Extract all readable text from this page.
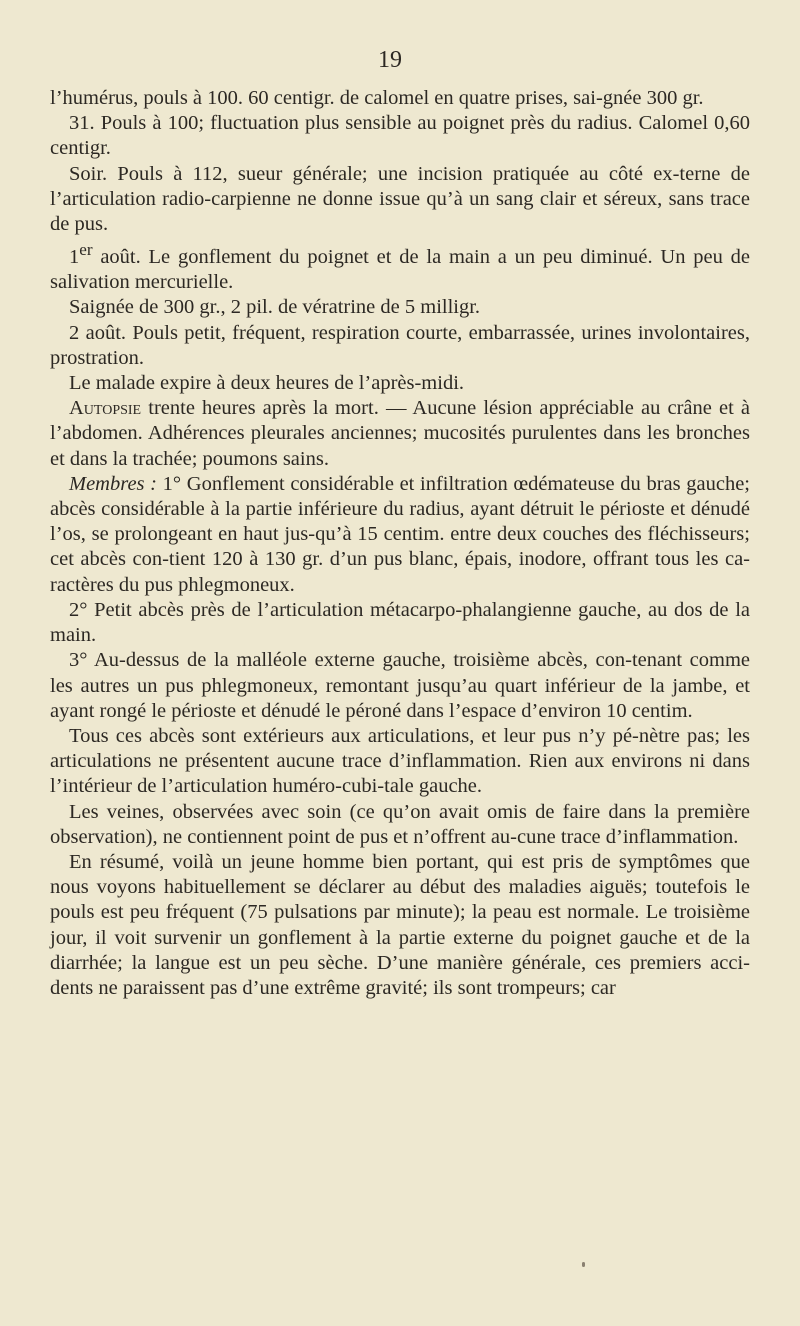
19

l’humérus, pouls à 100. 60 centigr. de calomel en quatre prises, sai-gnée 300 gr.

31. Pouls à 100; fluctuation plus sensible au poignet près du radius. Calomel 0,60 centigr.

Soir. Pouls à 112, sueur générale; une incision pratiquée au côté ex-terne de l’articulation radio-carpienne ne donne issue qu’à un sang clair et séreux, sans trace de pus.

1er août. Le gonflement du poignet et de la main a un peu diminué. Un peu de salivation mercurielle.

Saignée de 300 gr., 2 pil. de vératrine de 5 milligr.

2 août. Pouls petit, fréquent, respiration courte, embarrassée, urines involontaires, prostration.

Le malade expire à deux heures de l’après-midi.

Autopsie trente heures après la mort. — Aucune lésion appréciable au crâne et à l’abdomen. Adhérences pleurales anciennes; mucosités purulentes dans les bronches et dans la trachée; poumons sains.

Membres : 1° Gonflement considérable et infiltration œdémateuse du bras gauche; abcès considérable à la partie inférieure du radius, ayant détruit le périoste et dénudé l’os, se prolongeant en haut jus-qu’à 15 centim. entre deux couches des fléchisseurs; cet abcès con-tient 120 à 130 gr. d’un pus blanc, épais, inodore, offrant tous les ca-ractères du pus phlegmoneux.

2° Petit abcès près de l’articulation métacarpo-phalangienne gauche, au dos de la main.

3° Au-dessus de la malléole externe gauche, troisième abcès, con-tenant comme les autres un pus phlegmoneux, remontant jusqu’au quart inférieur de la jambe, et ayant rongé le périoste et dénudé le péroné dans l’espace d’environ 10 centim.

Tous ces abcès sont extérieurs aux articulations, et leur pus n’y pé-nètre pas; les articulations ne présentent aucune trace d’inflammation. Rien aux environs ni dans l’intérieur de l’articulation huméro-cubi-tale gauche.

Les veines, observées avec soin (ce qu’on avait omis de faire dans la première observation), ne contiennent point de pus et n’offrent au-cune trace d’inflammation.

En résumé, voilà un jeune homme bien portant, qui est pris de symptômes que nous voyons habituellement se déclarer au début des maladies aiguës; toutefois le pouls est peu fréquent (75 pulsations par minute); la peau est normale. Le troisième jour, il voit survenir un gonflement à la partie externe du poignet gauche et de la diarrhée; la langue est un peu sèche. D’une manière générale, ces premiers acci-dents ne paraissent pas d’une extrême gravité; ils sont trompeurs; car
